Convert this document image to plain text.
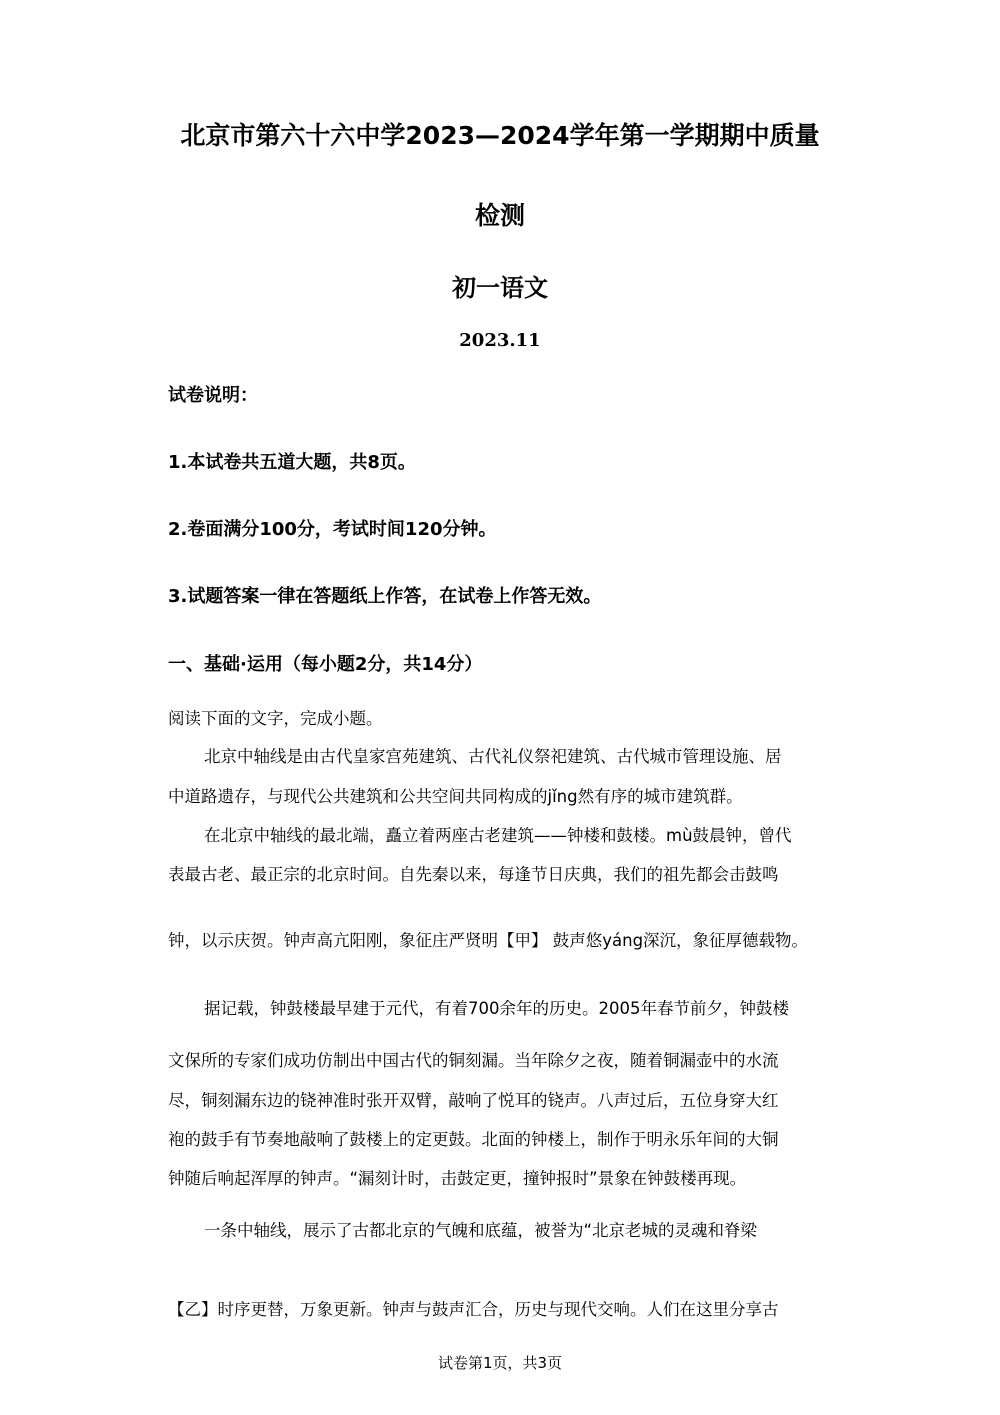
北京市第六十六中学2023—2024学年第一学期期中质量
检测
初一语文
2023.11
试卷说明：
1.本试卷共五道大题，共8页。
2.卷面满分100分，考试时间120分钟。
3.试题答案一律在答题纸上作答，在试卷上作答无效。
一、基础·运用（每小题2分，共14分）
阅读下面的文字，完成小题。
北京中轴线是由古代皇家宫苑建筑、古代礼仪祭祀建筑、古代城市管理设施、居
中道路遗存，与现代公共建筑和公共空间共同构成的jǐng然有序的城市建筑群。
在北京中轴线的最北端，矗立着两座古老建筑——钟楼和鼓楼。mù鼓晨钟，曾代
表最古老、最正宗的北京时间。自先秦以来，每逢节日庆典，我们的祖先都会击鼓鸣
钟，以示庆贺。钟声高亢阳刚，象征庄严贤明【甲】 鼓声悠yáng深沉，象征厚德载物。
据记载，钟鼓楼最早建于元代，有着700余年的历史。2005年春节前夕，钟鼓楼
文保所的专家们成功仿制出中国古代的铜刻漏。当年除夕之夜，随着铜漏壶中的水流
尽，铜刻漏东边的铙神准时张开双臂，敲响了悦耳的铙声。八声过后，五位身穿大红
袍的鼓手有节奏地敲响了鼓楼上的定更鼓。北面的钟楼上，制作于明永乐年间的大铜
钟随后响起浑厚的钟声。“漏刻计时，击鼓定更，撞钟报时”景象在钟鼓楼再现。
一条中轴线，展示了古都北京的气魄和底蕴，被誉为“北京老城的灵魂和脊梁
【乙】时序更替，万象更新。钟声与鼓声汇合，历史与现代交响。人们在这里分享古
试卷第1页，共3页
